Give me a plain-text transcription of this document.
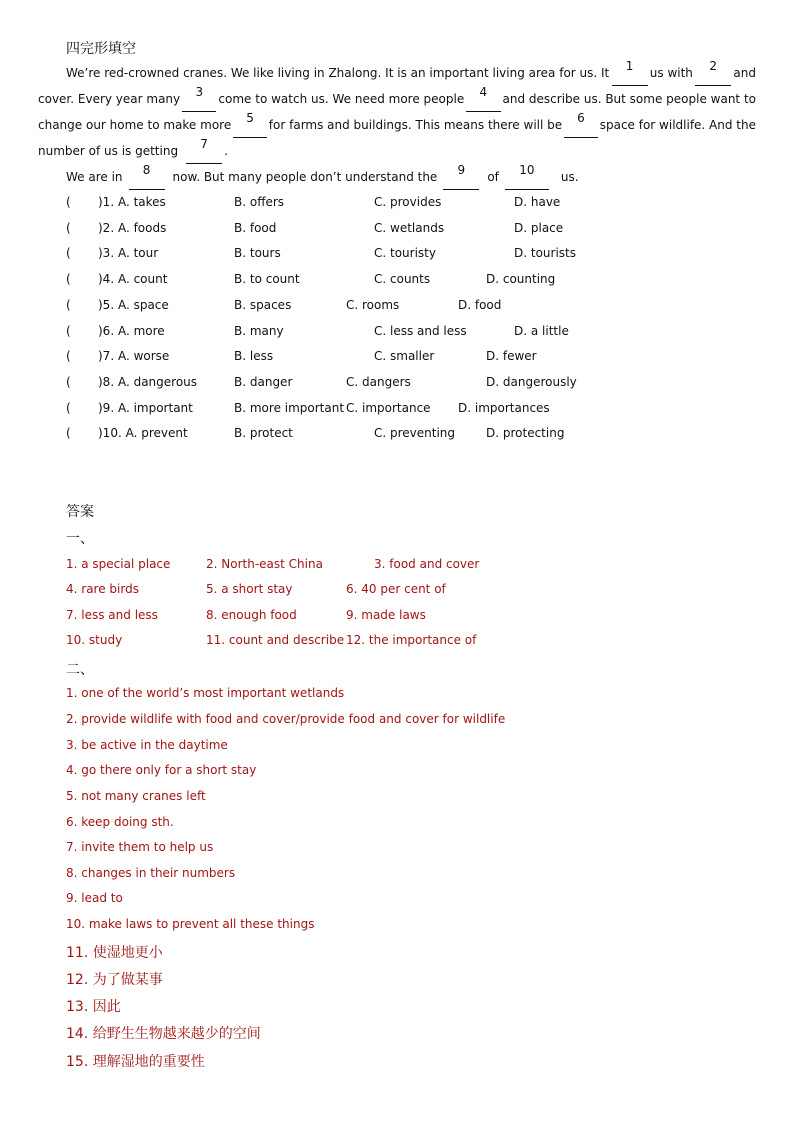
四完形填空
We’re red-crowned cranes. We like living in Zhalong. It is an important living area for us. It	1	us with	2	and
cover. Every year many	3	come to watch us. We need more people	4	and describe us. But some people want to
change our home to make more	5	for farms and buildings. This means there will be	6	space for wildlife. And the
number of us is getting	7	.
We are in	8	now. But many people don’t understand the	9	of	10	us.
( )1. A. takes	B. offers	C. provides	D. have
( )2. A. foods	B. food	C. wetlands	D. place
( )3. A. tour	B. tours	C. touristy	D. tourists
( )4. A. count	B. to count	C. counts	D. counting
( )5. A. space	B. spaces	C. rooms	D. food
( )6. A. more	B. many	C. less and less	D. a little
( )7. A. worse	B. less	C. smaller	D. fewer
( )8. A. dangerous	B. danger	C. dangers	D. dangerously
( )9. A. important	B. more important C. importance D. importances
( )10. A. prevent	B. protect	C. preventing	D. protecting
答案
一、
1. a special place	2. North-east China	3. food and cover
4. rare birds	5. a short stay	6. 40 per cent of
7. less and less	8. enough food	9. made laws
10. study	11. count and describe 12. the importance of
二、
1. one of the world’s most important wetlands
2. provide wildlife with food and cover/provide food and cover for wildlife
3. be active in the daytime
4. go there only for a short stay
5. not many cranes left
6. keep doing sth.
7. invite them to help us
8. changes in their numbers
9. lead to
10. make laws to prevent all these things
11. 使湿地更小
12. 为了做某事
13. 因此
14. 给野生生物越来越少的空间
15. 理解湿地的重要性
